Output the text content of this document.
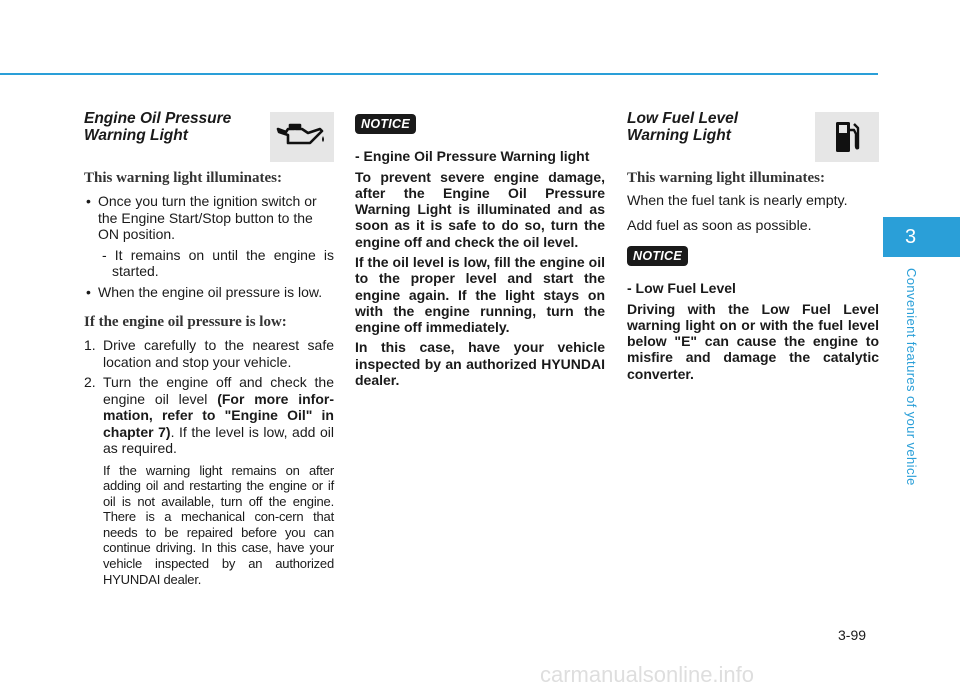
Engine Oil Pressure
Warning Light

This warning light illuminates:

• Once you turn the ignition switch or the Engine Start/Stop button to the ON position.

- It remains on until the engine is started.

• When the engine oil pressure is low.

If the engine oil pressure is low:

1. Drive carefully to the nearest safe location and stop your vehicle.

2. Turn the engine off and check the engine oil level (For more infor-mation, refer to "Engine Oil" in chapter 7). If the level is low, add oil as required.

If the warning light remains on after adding oil and restarting the engine or if oil is not available, turn off the engine. There is a mechanical con-cern that needs to be repaired before you can continue driving. In this case, have your vehicle inspected by an authorized HYUNDAI dealer.

NOTICE

- Engine Oil Pressure Warning light

To prevent severe engine damage, after the Engine Oil Pressure Warning Light is illuminated and as soon as it is safe to do so, turn the engine off and check the oil level.

If the oil level is low, fill the engine oil to the proper level and start the engine again. If the light stays on with the engine running, turn the engine off immediately.

In this case, have your vehicle inspected by an authorized HYUNDAI dealer.

Low Fuel Level
Warning Light

This warning light illuminates:

When the fuel tank is nearly empty.

Add fuel as soon as possible.

NOTICE

- Low Fuel Level

Driving with the Low Fuel Level warning light on or with the fuel level below "E" can cause the engine to misfire and damage the catalytic converter.

3
Convenient features of your vehicle
3-99
carmanualsonline.info
